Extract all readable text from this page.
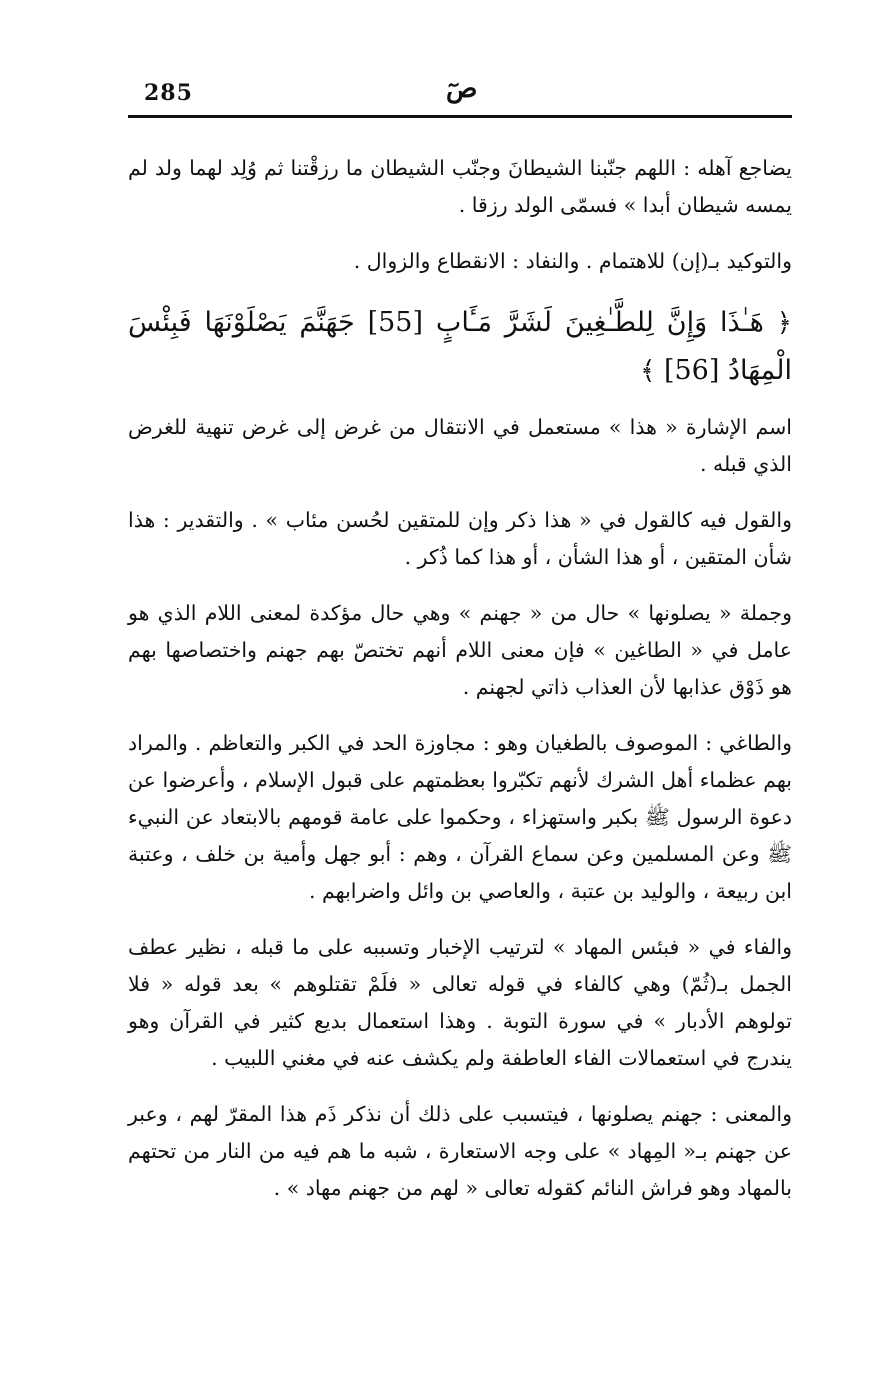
285	صٓ

يضاجع آهله : اللهم جنّبنا الشيطانَ وجنّب الشيطان ما رزقْتنا ثم وُلِد لهما ولد لم يمسه شيطان أبدا » فسمّى الولد رزقا .

والتوكيد بـ(إن) للاهتمام . والنفاد : الانقطاع والزوال .

﴿ هَـٰذَا وَإِنَّ لِلطَّـٰغِينَ لَشَرَّ مَـَٔابٍ [55] جَهَنَّمَ يَصْلَوْنَهَا فَبِئْسَ الْمِهَادُ [56] ﴾

اسم الإشارة « هذا » مستعمل في الانتقال من غرض إلى غرض تنهية للغرض الذي قبله .

والقول فيه كالقول في « هذا ذكر وإن للمتقين لحُسن مئاب » . والتقدير : هذا شأن المتقين ، أو هذا الشأن ، أو هذا كما ذُكر .

وجملة « يصلونها » حال من « جهنم » وهي حال مؤكدة لمعنى اللام الذي هو عامل في « الطاغين » فإن معنى اللام أنهم تختصّ بهم جهنم واختصاصها بهم هو ذَوْق عذابها لأن العذاب ذاتي لجهنم .

والطاغي : الموصوف بالطغيان وهو : مجاوزة الحد في الكبر والتعاظم . والمراد بهم عظماء أهل الشرك لأنهم تكبّروا بعظمتهم على قبول الإسلام ، وأعرضوا عن دعوة الرسول ﷺ بكبر واستهزاء ، وحكموا على عامة قومهم بالابتعاد عن النبيء ﷺ وعن المسلمين وعن سماع القرآن ، وهم : أبو جهل وأمية بن خلف ، وعتبة ابن ربيعة ، والوليد بن عتبة ، والعاصي بن وائل واضرابهم .

والفاء في « فبئس المهاد » لترتيب الإخبار وتسببه على ما قبله ، نظير عطف الجمل بـ(ثُمّ) وهي كالفاء في قوله تعالى « فلَمْ تقتلوهم » بعد قوله « فلا تولوهم الأدبار » في سورة التوبة . وهذا استعمال بديع كثير في القرآن وهو يندرج في استعمالات الفاء العاطفة ولم يكشف عنه في مغني اللبيب .

والمعنى : جهنم يصلونها ، فيتسبب على ذلك أن نذكر ذَم هذا المقرّ لهم ، وعبر عن جهنم بـ« المِهاد » على وجه الاستعارة ، شبه ما هم فيه من النار من تحتهم بالمهاد وهو فراش النائم كقوله تعالى « لهم من جهنم مهاد » .
